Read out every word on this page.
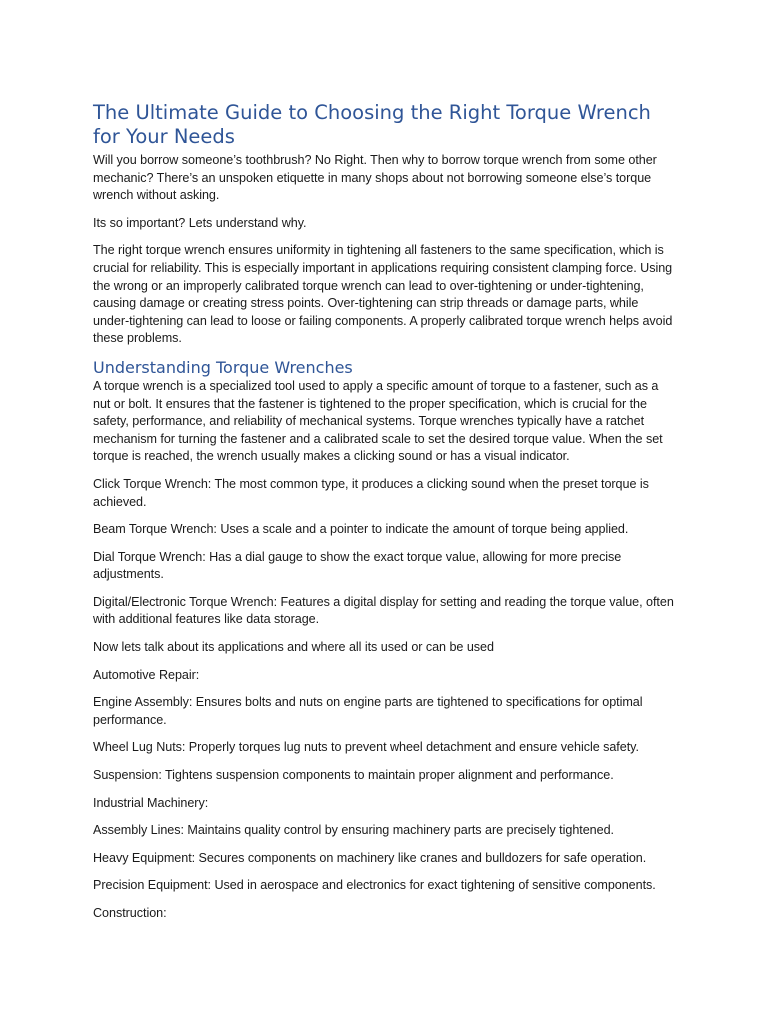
The Ultimate Guide to Choosing the Right Torque Wrench for Your Needs

Will you borrow someone’s toothbrush? No Right. Then why to borrow torque wrench from some other mechanic? There’s an unspoken etiquette in many shops about not borrowing someone else’s torque wrench without asking.

Its so important? Lets understand why.

The right torque wrench ensures uniformity in tightening all fasteners to the same specification, which is crucial for reliability. This is especially important in applications requiring consistent clamping force. Using the wrong or an improperly calibrated torque wrench can lead to over-tightening or under-tightening, causing damage or creating stress points. Over-tightening can strip threads or damage parts, while under-tightening can lead to loose or failing components. A properly calibrated torque wrench helps avoid these problems.

Understanding Torque Wrenches

A torque wrench is a specialized tool used to apply a specific amount of torque to a fastener, such as a nut or bolt. It ensures that the fastener is tightened to the proper specification, which is crucial for the safety, performance, and reliability of mechanical systems. Torque wrenches typically have a ratchet mechanism for turning the fastener and a calibrated scale to set the desired torque value. When the set torque is reached, the wrench usually makes a clicking sound or has a visual indicator.

Click Torque Wrench: The most common type, it produces a clicking sound when the preset torque is achieved.

Beam Torque Wrench: Uses a scale and a pointer to indicate the amount of torque being applied.

Dial Torque Wrench: Has a dial gauge to show the exact torque value, allowing for more precise adjustments.

Digital/Electronic Torque Wrench: Features a digital display for setting and reading the torque value, often with additional features like data storage.

Now lets talk about its applications and where all its used or can be used

Automotive Repair:

Engine Assembly: Ensures bolts and nuts on engine parts are tightened to specifications for optimal performance.

Wheel Lug Nuts: Properly torques lug nuts to prevent wheel detachment and ensure vehicle safety.

Suspension: Tightens suspension components to maintain proper alignment and performance.

Industrial Machinery:

Assembly Lines: Maintains quality control by ensuring machinery parts are precisely tightened.

Heavy Equipment: Secures components on machinery like cranes and bulldozers for safe operation.

Precision Equipment: Used in aerospace and electronics for exact tightening of sensitive components.

Construction:
